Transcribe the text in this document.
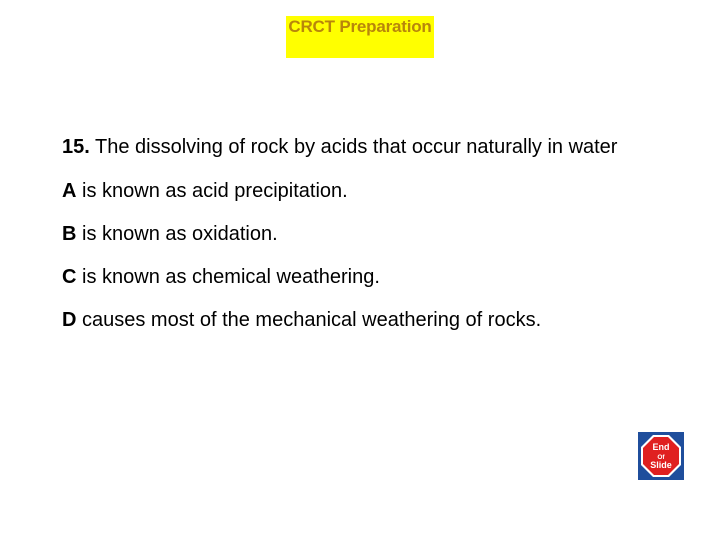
CRCT Preparation
15. The dissolving of rock by acids that occur naturally in water
A is known as acid precipitation.
B is known as oxidation.
C is known as chemical weathering.
D causes most of the mechanical weathering of rocks.
End
Of
Slide
